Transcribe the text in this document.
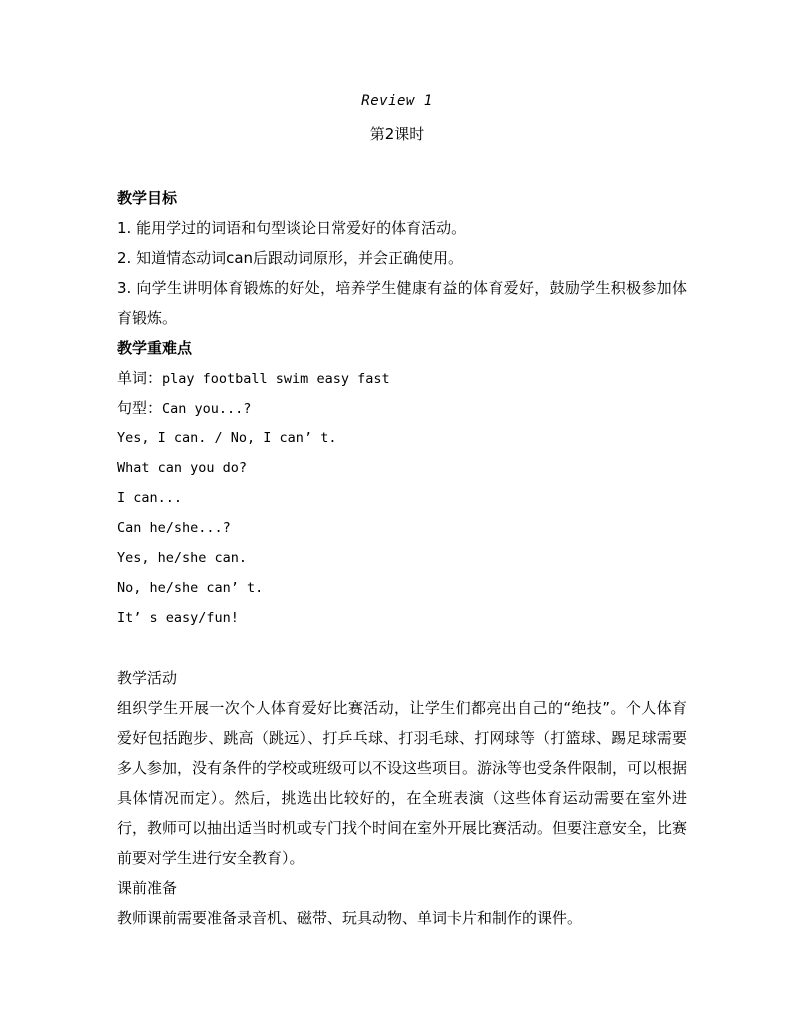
Review 1
第2课时
教学目标
1. 能用学过的词语和句型谈论日常爱好的体育活动。
2. 知道情态动词can后跟动词原形，并会正确使用。
3. 向学生讲明体育锻炼的好处，培养学生健康有益的体育爱好，鼓励学生积极参加体育锻炼。
教学重难点
单词：play football swim easy fast
句型：Can you...?
Yes, I can. / No, I can’ t.
What can you do?
I can...
Can he/she...?
Yes, he/she can.
No, he/she can’ t.
It’ s easy/fun!
教学活动
组织学生开展一次个人体育爱好比赛活动，让学生们都亮出自己的“绝技”。个人体育爱好包括跑步、跳高（跳远）、打乒乓球、打羽毛球、打网球等（打篮球、踢足球需要多人参加，没有条件的学校或班级可以不设这些项目。游泳等也受条件限制，可以根据具体情况而定）。然后，挑选出比较好的，在全班表演（这些体育运动需要在室外进行，教师可以抽出适当时机或专门找个时间在室外开展比赛活动。但要注意安全，比赛前要对学生进行安全教育）。
课前准备
教师课前需要准备录音机、磁带、玩具动物、单词卡片和制作的课件。
